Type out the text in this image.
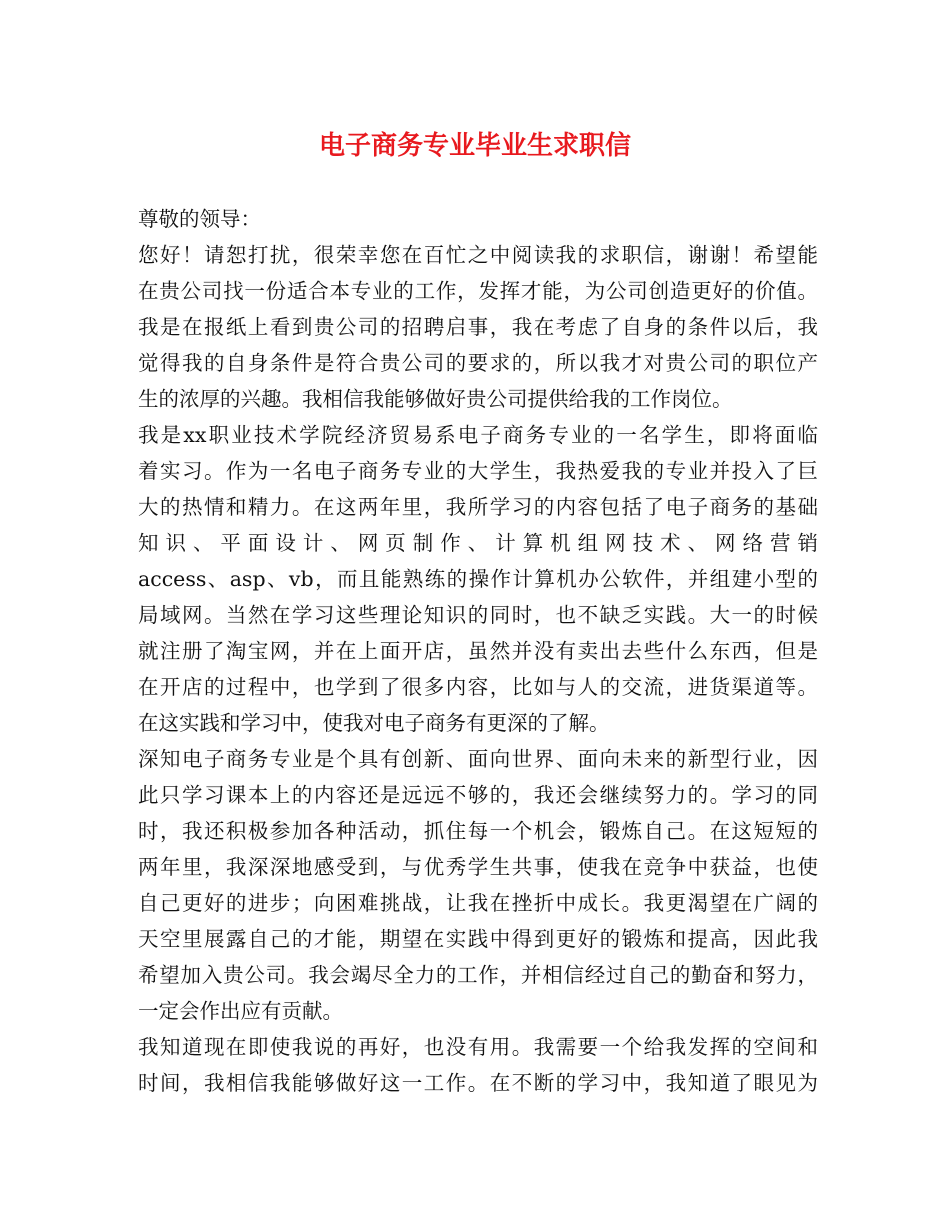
电子商务专业毕业生求职信
尊敬的领导：
您好！请恕打扰，很荣幸您在百忙之中阅读我的求职信，谢谢！希望能
在贵公司找一份适合本专业的工作，发挥才能，为公司创造更好的价值。
我是在报纸上看到贵公司的招聘启事，我在考虑了自身的条件以后，我
觉得我的自身条件是符合贵公司的要求的，所以我才对贵公司的职位产
生的浓厚的兴趣。我相信我能够做好贵公司提供给我的工作岗位。
我是xx职业技术学院经济贸易系电子商务专业的一名学生，即将面临
着实习。作为一名电子商务专业的大学生，我热爱我的专业并投入了巨
大的热情和精力。在这两年里，我所学习的内容包括了电子商务的基础
知识、平面设计、网页制作、计算机组网技术、网络营销
access、asp、vb，而且能熟练的操作计算机办公软件，并组建小型的
局域网。当然在学习这些理论知识的同时，也不缺乏实践。大一的时候
就注册了淘宝网，并在上面开店，虽然并没有卖出去些什么东西，但是
在开店的过程中，也学到了很多内容，比如与人的交流，进货渠道等。
在这实践和学习中，使我对电子商务有更深的了解。
深知电子商务专业是个具有创新、面向世界、面向未来的新型行业，因
此只学习课本上的内容还是远远不够的，我还会继续努力的。学习的同
时，我还积极参加各种活动，抓住每一个机会，锻炼自己。在这短短的
两年里，我深深地感受到，与优秀学生共事，使我在竞争中获益，也使
自己更好的进步；向困难挑战，让我在挫折中成长。我更渴望在广阔的
天空里展露自己的才能，期望在实践中得到更好的锻炼和提高，因此我
希望加入贵公司。我会竭尽全力的工作，并相信经过自己的勤奋和努力，
一定会作出应有贡献。
我知道现在即使我说的再好，也没有用。我需要一个给我发挥的空间和
时间，我相信我能够做好这一工作。在不断的学习中，我知道了眼见为
